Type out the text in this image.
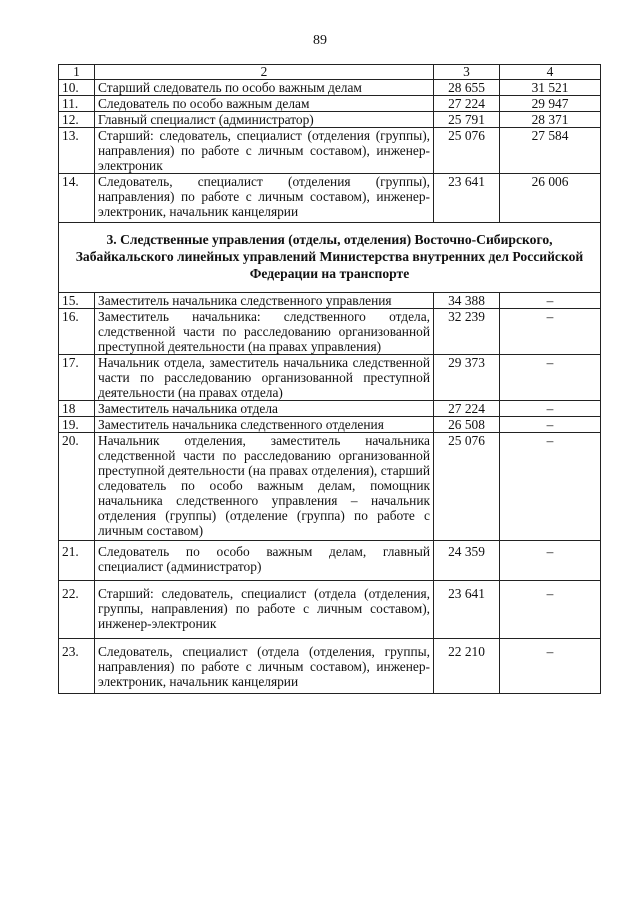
89
1	2	3	4
10.	Старший следователь по особо важным делам	28 655	31 521
11.	Следователь по особо важным делам	27 224	29 947
12.	Главный специалист (администратор)	25 791	28 371
13.	Старший: следователь, специалист (отделения (группы), направления) по работе с личным составом), инженер-электроник	25 076	27 584
14.	Следователь, специалист (отделения (группы), направления) по работе с личным составом), инженер-электроник, начальник канцелярии	23 641	26 006
3. Следственные управления (отделы, отделения) Восточно-Сибирского, Забайкальского линейных управлений Министерства внутренних дел Российской Федерации на транспорте			
15.	Заместитель начальника следственного управления	34 388	–
16.	Заместитель начальника: следственного отдела, следственной части по расследованию организованной преступной деятельности (на правах управления)	32 239	–
17.	Начальник отдела, заместитель начальника следственной части по расследованию организованной преступной деятельности (на правах отдела)	29 373	–
18	Заместитель начальника отдела	27 224	–
19.	Заместитель начальника следственного отделения	26 508	–
20.	Начальник отделения, заместитель начальника следственной части по расследованию организованной преступной деятельности (на правах отделения), старший следователь по особо важным делам, помощник начальника следственного управления – начальник отделения (группы) (отделение (группа) по работе с личным составом)	25 076	–
21.	Следователь по особо важным делам, главный специалист (администратор)	24 359	–
22.	Старший: следователь, специалист (отдела (отделения, группы, направления) по работе с личным составом), инженер-электроник	23 641	–
23.	Следователь, специалист (отдела (отделения, группы, направления) по работе с личным составом), инженер-электроник, начальник канцелярии	22 210	–
